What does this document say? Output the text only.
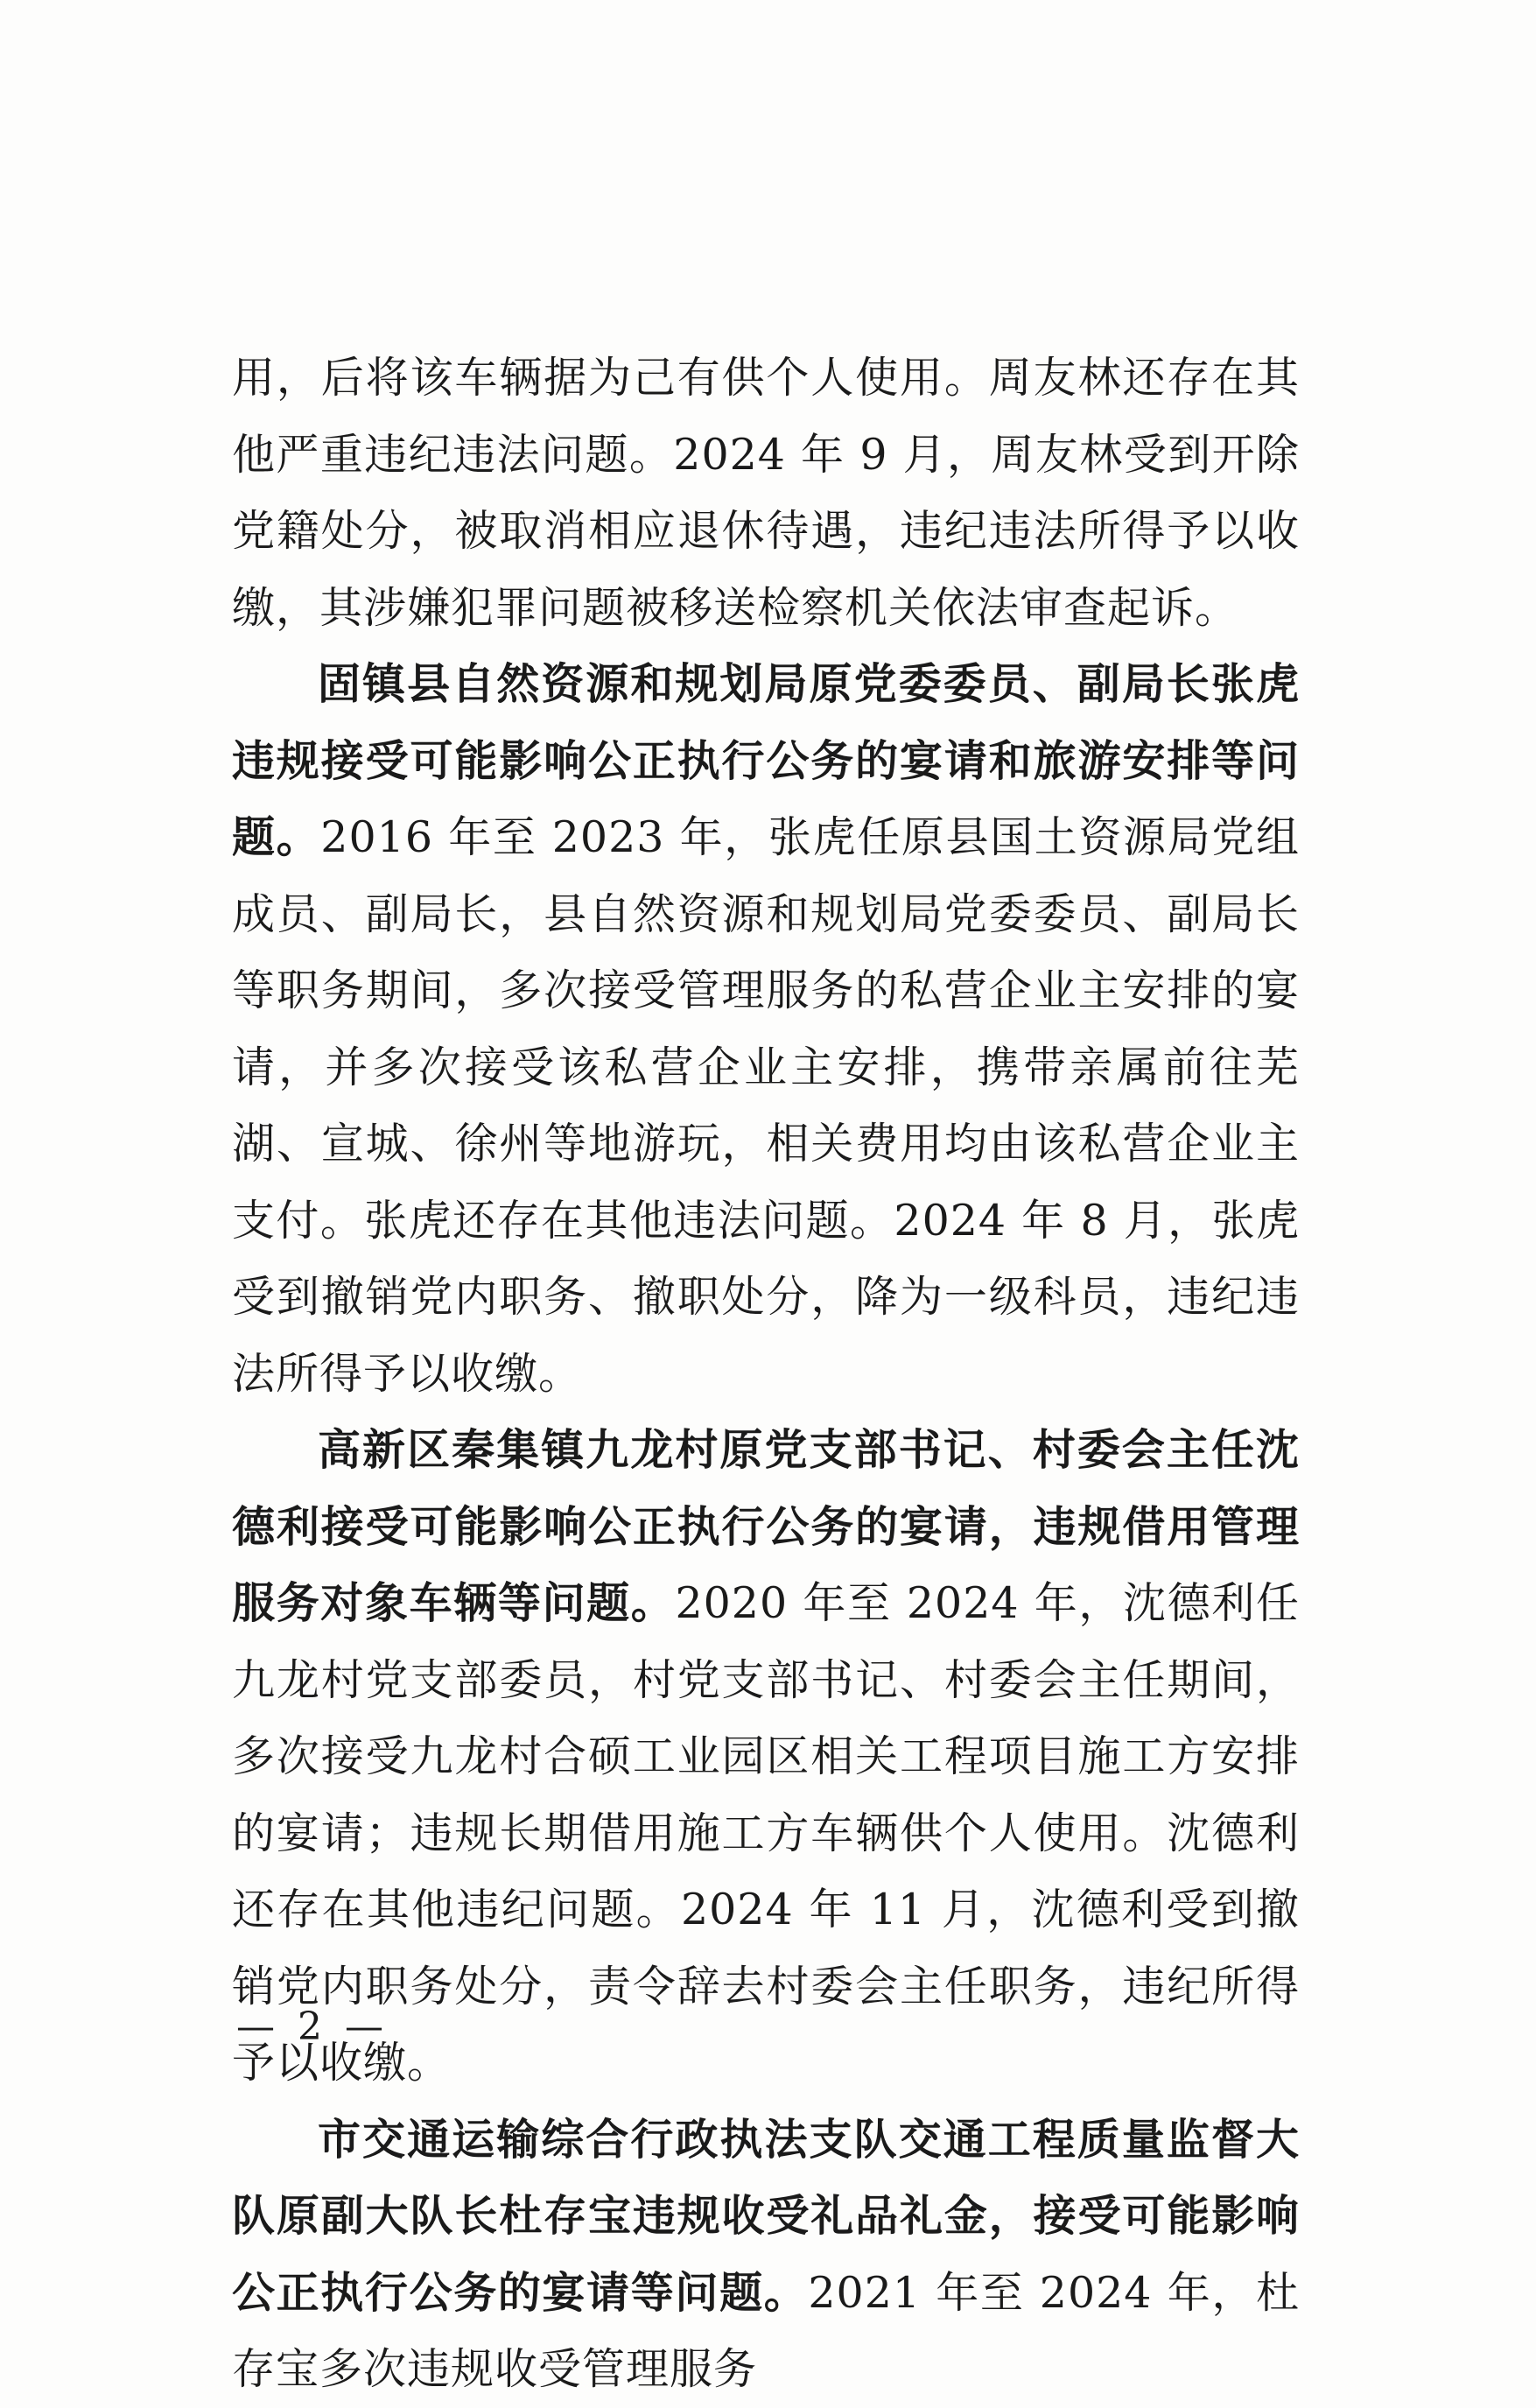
用，后将该车辆据为己有供个人使用。周友林还存在其他严重违纪违法问题。2024 年 9 月，周友林受到开除党籍处分，被取消相应退休待遇，违纪违法所得予以收缴，其涉嫌犯罪问题被移送检察机关依法审查起诉。

固镇县自然资源和规划局原党委委员、副局长张虎违规接受可能影响公正执行公务的宴请和旅游安排等问题。2016 年至 2023 年，张虎任原县国土资源局党组成员、副局长，县自然资源和规划局党委委员、副局长等职务期间，多次接受管理服务的私营企业主安排的宴请，并多次接受该私营企业主安排，携带亲属前往芜湖、宣城、徐州等地游玩，相关费用均由该私营企业主支付。张虎还存在其他违法问题。2024 年 8 月，张虎受到撤销党内职务、撤职处分，降为一级科员，违纪违法所得予以收缴。

高新区秦集镇九龙村原党支部书记、村委会主任沈德利接受可能影响公正执行公务的宴请，违规借用管理服务对象车辆等问题。2020 年至 2024 年，沈德利任九龙村党支部委员，村党支部书记、村委会主任期间，多次接受九龙村合硕工业园区相关工程项目施工方安排的宴请；违规长期借用施工方车辆供个人使用。沈德利还存在其他违纪问题。2024 年 11 月，沈德利受到撤销党内职务处分，责令辞去村委会主任职务，违纪所得予以收缴。

市交通运输综合行政执法支队交通工程质量监督大队原副大队长杜存宝违规收受礼品礼金，接受可能影响公正执行公务的宴请等问题。2021 年至 2024 年，杜存宝多次违规收受管理服务

— 2 —
